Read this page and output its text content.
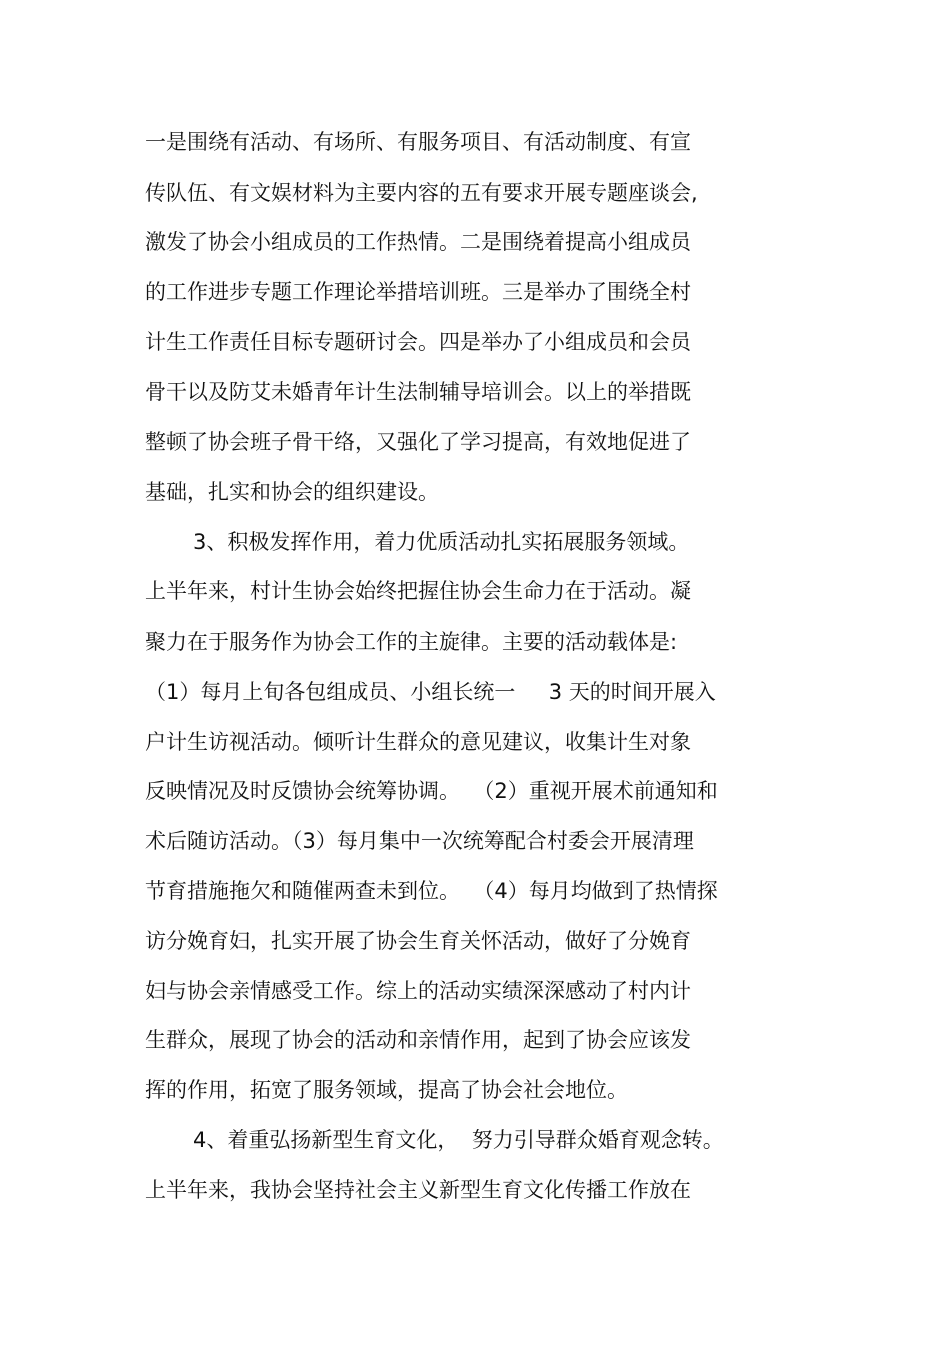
一是围绕有活动、有场所、有服务项目、有活动制度、有宣

传队伍、有文娱材料为主要内容的五有要求开展专题座谈会,

激发了协会小组成员的工作热情。二是围绕着提高小组成员

的工作进步专题工作理论举措培训班。三是举办了围绕全村

计生工作责任目标专题研讨会。四是举办了小组成员和会员

骨干以及防艾未婚青年计生法制辅导培训会。以上的举措既

整顿了协会班子骨干络，又强化了学习提高，有效地促进了

基础，扎实和协会的组织建设。

3、积极发挥作用，着力优质活动扎实拓展服务领域。

上半年来，村计生协会始终把握住协会生命力在于活动。凝

聚力在于服务作为协会工作的主旋律。主要的活动载体是:

（1）每月上旬各包组成员、小组长统一     3 天的时间开展入

户计生访视活动。倾听计生群众的意见建议，收集计生对象

反映情况及时反馈协会统筹协调。  （2）重视开展术前通知和

术后随访活动。（3）每月集中一次统筹配合村委会开展清理

节育措施拖欠和随催两查未到位。  （4）每月均做到了热情探

访分娩育妇，扎实开展了协会生育关怀活动，做好了分娩育

妇与协会亲情感受工作。综上的活动实绩深深感动了村内计

生群众，展现了协会的活动和亲情作用，起到了协会应该发

挥的作用，拓宽了服务领域，提高了协会社会地位。

4、着重弘扬新型生育文化，  努力引导群众婚育观念转。

上半年来，我协会坚持社会主义新型生育文化传播工作放在
